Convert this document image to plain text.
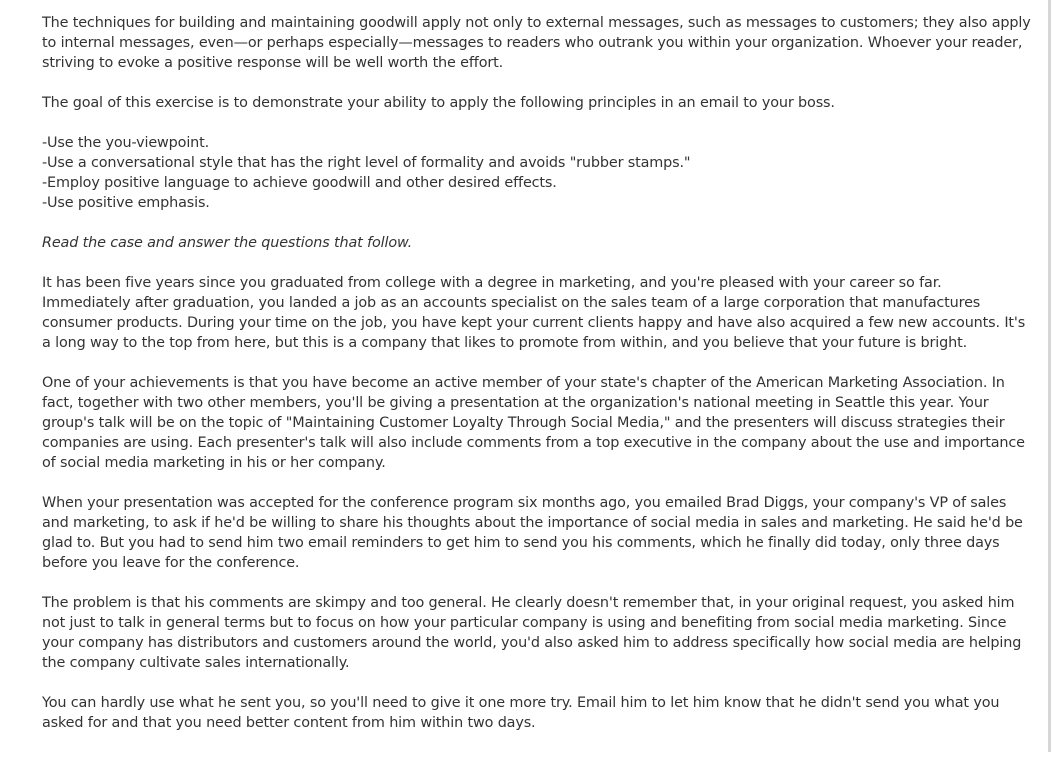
The techniques for building and maintaining goodwill apply not only to external messages, such as messages to customers; they also apply to internal messages, even—or perhaps especially—messages to readers who outrank you within your organization. Whoever your reader, striving to evoke a positive response will be well worth the effort.

The goal of this exercise is to demonstrate your ability to apply the following principles in an email to your boss.

-Use the you-viewpoint.
-Use a conversational style that has the right level of formality and avoids "rubber stamps."
-Employ positive language to achieve goodwill and other desired effects.
-Use positive emphasis.

Read the case and answer the questions that follow.

It has been five years since you graduated from college with a degree in marketing, and you're pleased with your career so far. Immediately after graduation, you landed a job as an accounts specialist on the sales team of a large corporation that manufactures consumer products. During your time on the job, you have kept your current clients happy and have also acquired a few new accounts. It's a long way to the top from here, but this is a company that likes to promote from within, and you believe that your future is bright.

One of your achievements is that you have become an active member of your state's chapter of the American Marketing Association. In fact, together with two other members, you'll be giving a presentation at the organization's national meeting in Seattle this year. Your group's talk will be on the topic of "Maintaining Customer Loyalty Through Social Media," and the presenters will discuss strategies their companies are using. Each presenter's talk will also include comments from a top executive in the company about the use and importance of social media marketing in his or her company.

When your presentation was accepted for the conference program six months ago, you emailed Brad Diggs, your company's VP of sales and marketing, to ask if he'd be willing to share his thoughts about the importance of social media in sales and marketing. He said he'd be glad to. But you had to send him two email reminders to get him to send you his comments, which he finally did today, only three days before you leave for the conference.

The problem is that his comments are skimpy and too general. He clearly doesn't remember that, in your original request, you asked him not just to talk in general terms but to focus on how your particular company is using and benefiting from social media marketing. Since your company has distributors and customers around the world, you'd also asked him to address specifically how social media are helping the company cultivate sales internationally.

You can hardly use what he sent you, so you'll need to give it one more try. Email him to let him know that he didn't send you what you asked for and that you need better content from him within two days.
